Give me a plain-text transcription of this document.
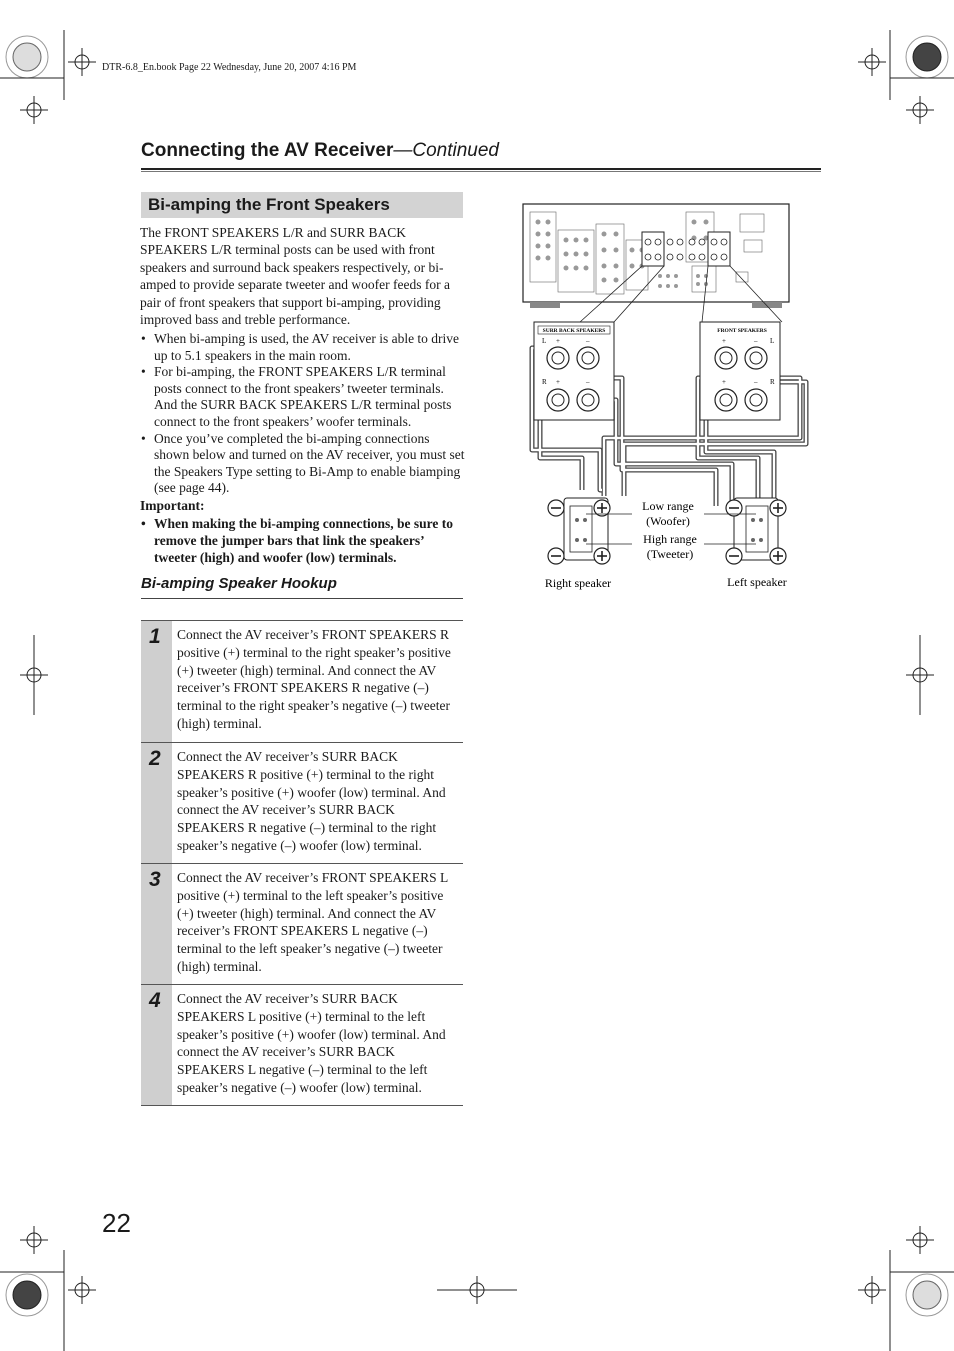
DTR-6.8_En.book Page 22 Wednesday, June 20, 2007 4:16 PM
Connecting the AV Receiver—Continued
Bi-amping the Front Speakers
The FRONT SPEAKERS L/R and SURR BACK SPEAKERS L/R terminal posts can be used with front speakers and surround back speakers respectively, or bi-amped to provide separate tweeter and woofer feeds for a pair of front speakers that support bi-amping, providing improved bass and treble performance.
• When bi-amping is used, the AV receiver is able to drive up to 5.1 speakers in the main room.
• For bi-amping, the FRONT SPEAKERS L/R terminal posts connect to the front speakers’ tweeter terminals. And the SURR BACK SPEAKERS L/R terminal posts connect to the front speakers’ woofer terminals.
• Once you’ve completed the bi-amping connections shown below and turned on the AV receiver, you must set the Speakers Type setting to Bi-Amp to enable biamping (see page 44).
Important:
• When making the bi-amping connections, be sure to remove the jumper bars that link the speakers’ tweeter (high) and woofer (low) terminals.
Bi-amping Speaker Hookup
1	Connect the AV receiver’s FRONT SPEAKERS R positive (+) terminal to the right speaker’s positive (+) tweeter (high) terminal. And connect the AV receiver’s FRONT SPEAKERS R negative (–) terminal to the right speaker’s negative (–) tweeter (high) terminal.
2	Connect the AV receiver’s SURR BACK SPEAKERS R positive (+) terminal to the right speaker’s positive (+) woofer (low) terminal. And connect the AV receiver’s SURR BACK SPEAKERS R negative (–) terminal to the right speaker’s negative (–) woofer (low) terminal.
3	Connect the AV receiver’s FRONT SPEAKERS L positive (+) terminal to the left speaker’s positive (+) tweeter (high) terminal. And connect the AV receiver’s FRONT SPEAKERS L negative (–) terminal to the left speaker’s negative (–) tweeter (high) terminal.
4	Connect the AV receiver’s SURR BACK SPEAKERS L positive (+) terminal to the left speaker’s positive (+) woofer (low) terminal. And connect the AV receiver’s SURR BACK SPEAKERS L negative (–) terminal to the left speaker’s negative (–) woofer (low) terminal.
SURR BACK SPEAKERS
L +	–
R +	–
FRONT SPEAKERS
+	– L
+	– R
Low range
(Woofer)
High range
(Tweeter)
Right speaker	Left speaker
22
